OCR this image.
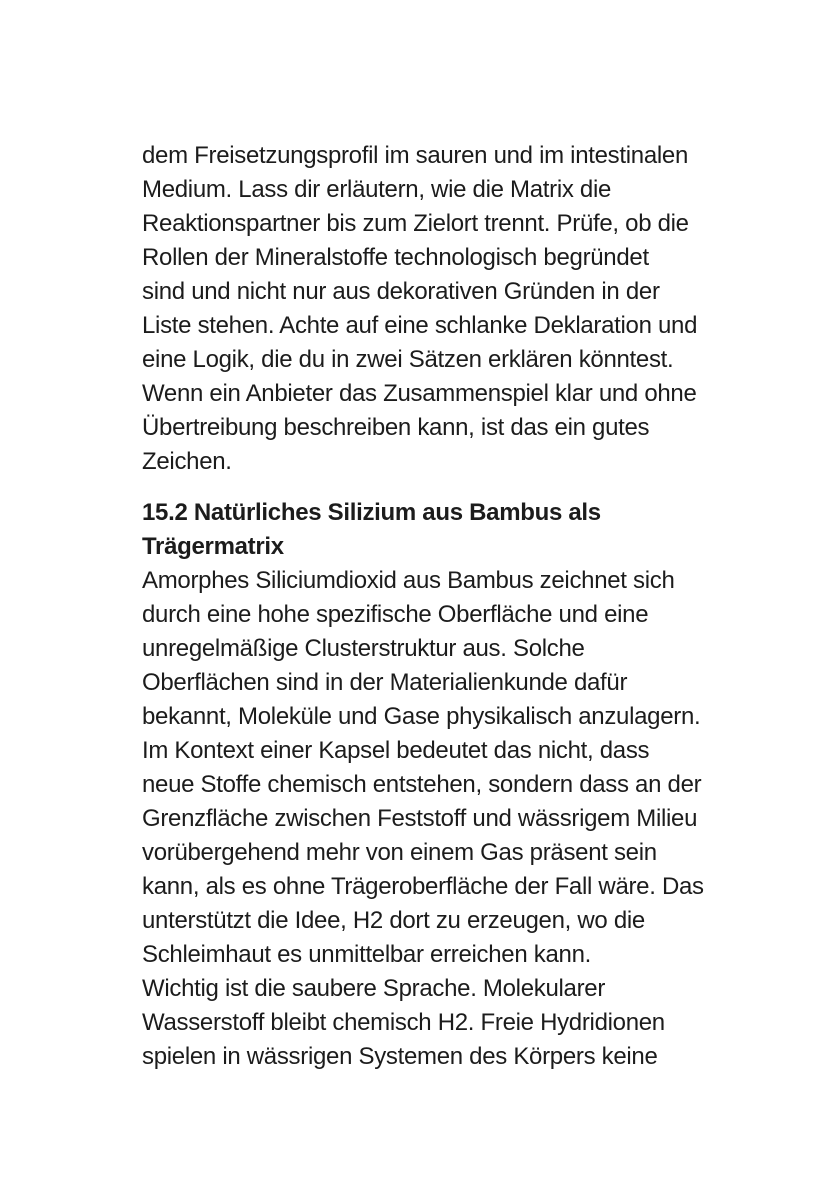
dem Freisetzungsprofil im sauren und im intestinalen
Medium. Lass dir erläutern, wie die Matrix die
Reaktionspartner bis zum Zielort trennt. Prüfe, ob die
Rollen der Mineralstoffe technologisch begründet
sind und nicht nur aus dekorativen Gründen in der
Liste stehen. Achte auf eine schlanke Deklaration und
eine Logik, die du in zwei Sätzen erklären könntest.
Wenn ein Anbieter das Zusammenspiel klar und ohne
Übertreibung beschreiben kann, ist das ein gutes
Zeichen.
15.2 Natürliches Silizium aus Bambus als
Trägermatrix
Amorphes Siliciumdioxid aus Bambus zeichnet sich
durch eine hohe spezifische Oberfläche und eine
unregelmäßige Clusterstruktur aus. Solche
Oberflächen sind in der Materialienkunde dafür
bekannt, Moleküle und Gase physikalisch anzulagern.
Im Kontext einer Kapsel bedeutet das nicht, dass
neue Stoffe chemisch entstehen, sondern dass an der
Grenzfläche zwischen Feststoff und wässrigem Milieu
vorübergehend mehr von einem Gas präsent sein
kann, als es ohne Trägeroberfläche der Fall wäre. Das
unterstützt die Idee, H2 dort zu erzeugen, wo die
Schleimhaut es unmittelbar erreichen kann.
Wichtig ist die saubere Sprache. Molekularer
Wasserstoff bleibt chemisch H2. Freie Hydridionen
spielen in wässrigen Systemen des Körpers keine
